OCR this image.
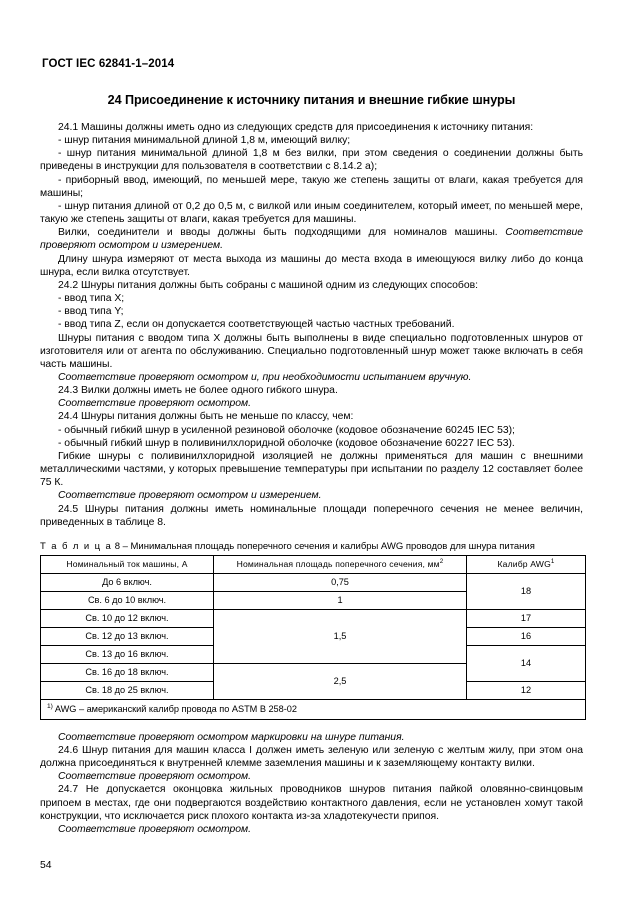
ГОСТ IEC 62841-1–2014
24 Присоединение к источнику питания и внешние гибкие шнуры

24.1 Машины должны иметь одно из следующих средств для присоединения к источнику питания:

- шнур питания минимальной длиной 1,8 м, имеющий вилку;

- шнур питания минимальной длиной 1,8 м без вилки, при этом сведения о соединении должны быть приведены в инструкции для пользователя в соответствии с 8.14.2 а);

- приборный ввод, имеющий, по меньшей мере, такую же степень защиты от влаги, какая требуется для машины;

- шнур питания длиной от 0,2 до 0,5 м, с вилкой или иным соединителем, который имеет, по меньшей мере, такую же степень защиты от влаги, какая требуется для машины.

Вилки, соединители и вводы должны быть подходящими для номиналов машины. Соответствие проверяют осмотром и измерением.

Длину шнура измеряют от места выхода из машины до места входа в имеющуюся вилку либо до конца шнура, если вилка отсутствует.

24.2 Шнуры питания должны быть собраны с машиной одним из следующих способов:

- ввод типа X;

- ввод типа Y;

- ввод типа Z, если он допускается соответствующей частью частных требований.

Шнуры питания с вводом типа X должны быть выполнены в виде специально подготовленных шнуров от изготовителя или от агента по обслуживанию. Специально подготовленный шнур может также включать в себя часть машины.

Соответствие проверяют осмотром и, при необходимости испытанием вручную.

24.3 Вилки должны иметь не более одного гибкого шнура.

Соответствие проверяют осмотром.

24.4 Шнуры питания должны быть не меньше по классу, чем:

- обычный гибкий шнур в усиленной резиновой оболочке (кодовое обозначение 60245 IEC 53);

- обычный гибкий шнур в поливинилхлоридной оболочке (кодовое обозначение 60227 IEC 53).

Гибкие шнуры с поливинилхлоридной изоляцией не должны применяться для машин с внешними металлическими частями, у которых превышение температуры при испытании по разделу 12 составляет более 75 К.

Соответствие проверяют осмотром и измерением.

24.5 Шнуры питания должны иметь номинальные площади поперечного сечения не менее величин, приведенных в таблице 8.

Т а б л и ц а 8 – Минимальная площадь поперечного сечения и калибры AWG проводов для шнура питания
Номинальный ток машины, А	Номинальная площадь поперечного сечения, $мм^2$	Калибр AWG$^1$
До 6 включ.	0,75	18
Св. 6 до 10 включ.	1	
Св. 10 до 12 включ.	1,5	17
Св. 12 до 13 включ.		16
Св. 13 до 16 включ.		14
Св. 16 до 18 включ.	2,5	
Св. 18 до 25 включ.		12
$^{1)}$ AWG – американский калибр провода по ASTM B 258-02		

Соответствие проверяют осмотром маркировки на шнуре питания.

24.6 Шнур питания для машин класса I должен иметь зеленую или зеленую с желтым жилу, при этом она должна присоединяться к внутренней клемме заземления машины и к заземляющему контакту вилки.

Соответствие проверяют осмотром.

24.7 Не допускается оконцовка жильных проводников шнуров питания пайкой оловянно-свинцовым припоем в местах, где они подвергаются воздействию контактного давления, если не установлен хомут такой конструкции, что исключается риск плохого контакта из-за хладотекучести припоя.

Соответствие проверяют осмотром.

54
